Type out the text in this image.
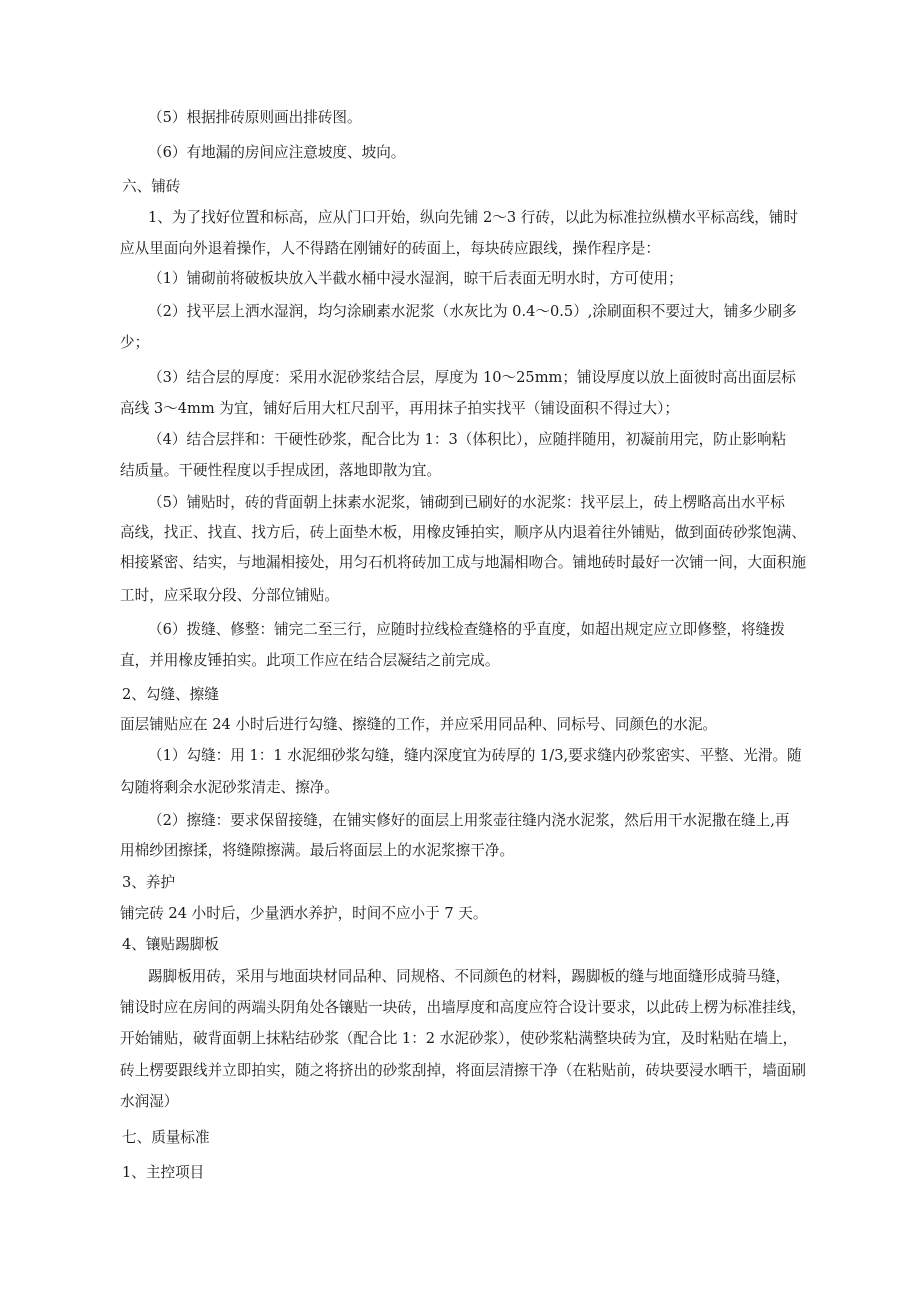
（5）根据排砖原则画出排砖图。
（6）有地漏的房间应注意坡度、坡向。
六、铺砖
1、为了找好位置和标高，应从门口开始，纵向先铺 2～3 行砖，以此为标准拉纵横水平标高线，铺时
应从里面向外退着操作，人不得踏在刚铺好的砖面上，每块砖应跟线，操作程序是：
（1）铺砌前将破板块放入半截水桶中浸水湿润，晾干后表面无明水时，方可使用；
（2）找平层上洒水湿润，均匀涂刷素水泥浆（水灰比为 0.4～0.5）,涂刷面积不要过大，铺多少刷多
少；
（3）结合层的厚度：采用水泥砂浆结合层，厚度为 10～25mm；铺设厚度以放上面彼时高出面层标
高线 3～4mm 为宜，铺好后用大杠尺刮平，再用抹子拍实找平（铺设面积不得过大）；
（4）结合层拌和：干硬性砂浆，配合比为 1：3（体积比），应随拌随用，初凝前用完，防止影响粘
结质量。干硬性程度以手捏成团，落地即散为宜。
（5）铺贴时，砖的背面朝上抹素水泥浆，铺砌到已刷好的水泥浆：找平层上，砖上楞略高出水平标
高线，找正、找直、找方后，砖上面垫木板，用橡皮锤拍实，顺序从内退着往外铺贴，做到面砖砂浆饱满、
相接紧密、结实，与地漏相接处，用匀石机将砖加工成与地漏相吻合。铺地砖时最好一次铺一间，大面积施
工时，应采取分段、分部位铺贴。
（6）拨缝、修整：铺完二至三行，应随时拉线检查缝格的乎直度，如超出规定应立即修整，将缝拨
直，并用橡皮锤拍实。此项工作应在结合层凝结之前完成。
2、勾缝、擦缝
面层铺贴应在 24 小时后进行勾缝、擦缝的工作，并应采用同品种、同标号、同颜色的水泥。
（1）勾缝：用 1：1 水泥细砂浆勾缝，缝内深度宜为砖厚的 1/3,要求缝内砂浆密实、平整、光滑。随
勾随将剩余水泥砂浆清走、擦净。
（2）擦缝：要求保留接缝，在铺实修好的面层上用浆壶往缝内浇水泥浆，然后用干水泥撒在缝上,再
用棉纱团擦揉，将缝隙擦满。最后将面层上的水泥浆擦干净。
3、养护
铺完砖 24 小时后，少量洒水养护，时间不应小于 7 天。
4、镶贴踢脚板
踢脚板用砖，采用与地面块材同品种、同规格、不同颜色的材料，踢脚板的缝与地面缝形成骑马缝，
铺设时应在房间的两端头阴角处各镶贴一块砖，出墙厚度和高度应符合设计要求，以此砖上楞为标准挂线，
开始铺贴，破背面朝上抹粘结砂浆（配合比 1：2 水泥砂浆），使砂浆粘满整块砖为宜，及时粘贴在墙上，
砖上楞要跟线并立即拍实，随之将挤出的砂浆刮掉，将面层清擦干净（在粘贴前，砖块要浸水晒干，墙面刷
水润湿）
七、质量标准
1、主控项目
